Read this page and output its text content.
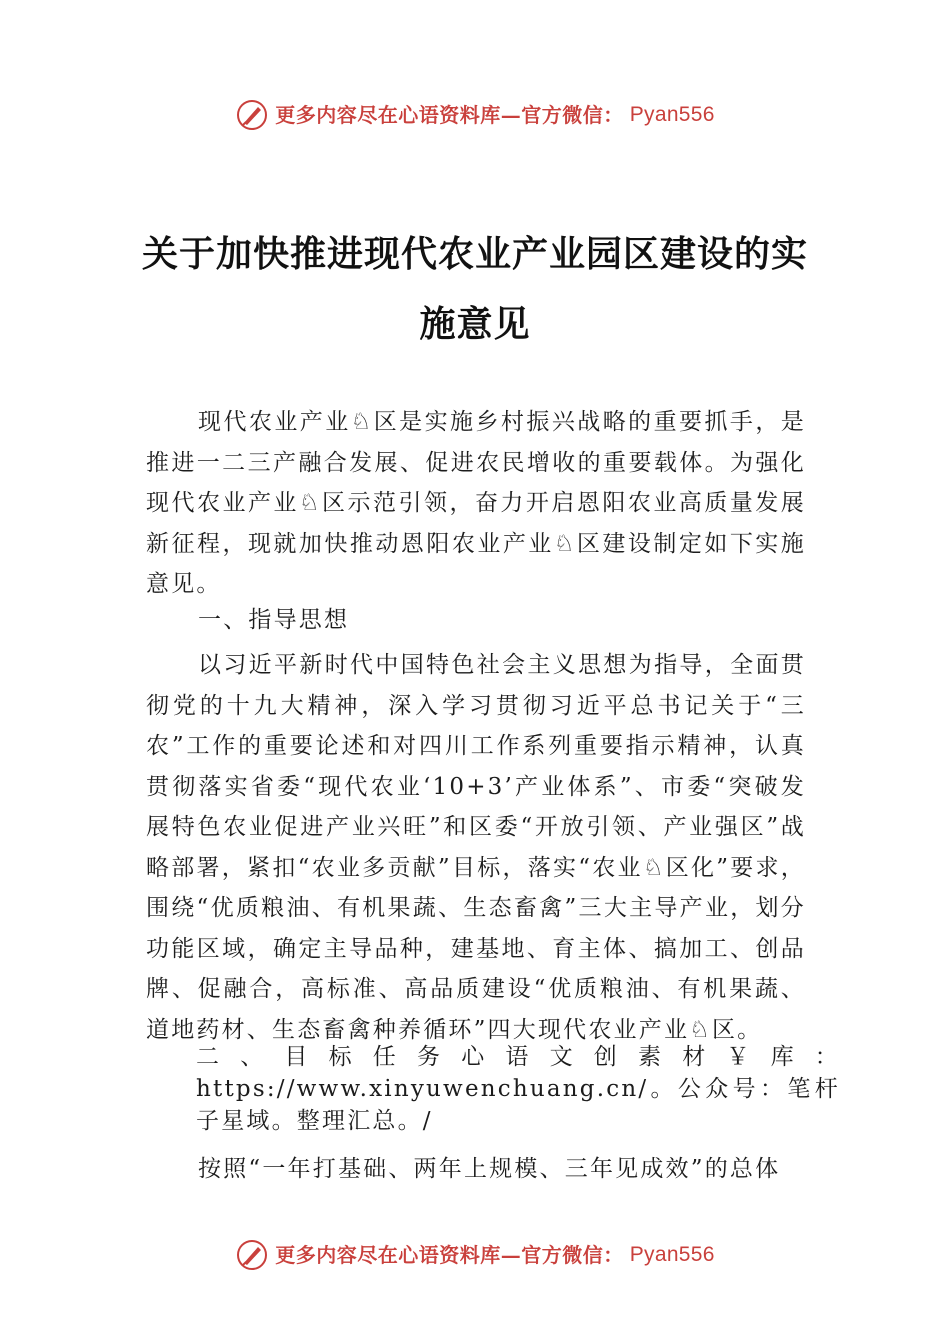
更多内容尽在心语资料库—官方微信： Pyan556
关于加快推进现代农业产业园区建设的实
施意见

现代农业产业♘区是实施乡村振兴战略的重要抓手，是推进一二三产融合发展、促进农民增收的重要载体。为强化现代农业产业♘区示范引领，奋力开启恩阳农业高质量发展新征程，现就加快推动恩阳农业产业♘区建设制定如下实施意见。

一、指导思想

以习近平新时代中国特色社会主义思想为指导，全面贯彻党的十九大精神，深入学习贯彻习近平总书记关于“三农”工作的重要论述和对四川工作系列重要指示精神，认真贯彻落实省委“现代农业‘10+3’产业体系”、市委“突破发展特色农业促进产业兴旺”和区委“开放引领、产业强区”战略部署，紧扣“农业多贡献”目标，落实“农业♘区化”要求， 围绕“优质粮油、有机果蔬、生态畜禽”三大主导产业，划分功能区域，确定主导品种，建基地、育主体、搞加工、创品牌、促融合，高标准、高品质建设“优质粮油、有机果蔬、道地药材、生态畜禽种养循环”四大现代农业产业♘区。

二、目标任务心语文创素材￥库：https://www.xinyuwenchuang.cn/。公众号：笔杆子星域。整理汇总。/

按照“一年打基础、两年上规模、三年见成效”的总体

更多内容尽在心语资料库—官方微信： Pyan556
